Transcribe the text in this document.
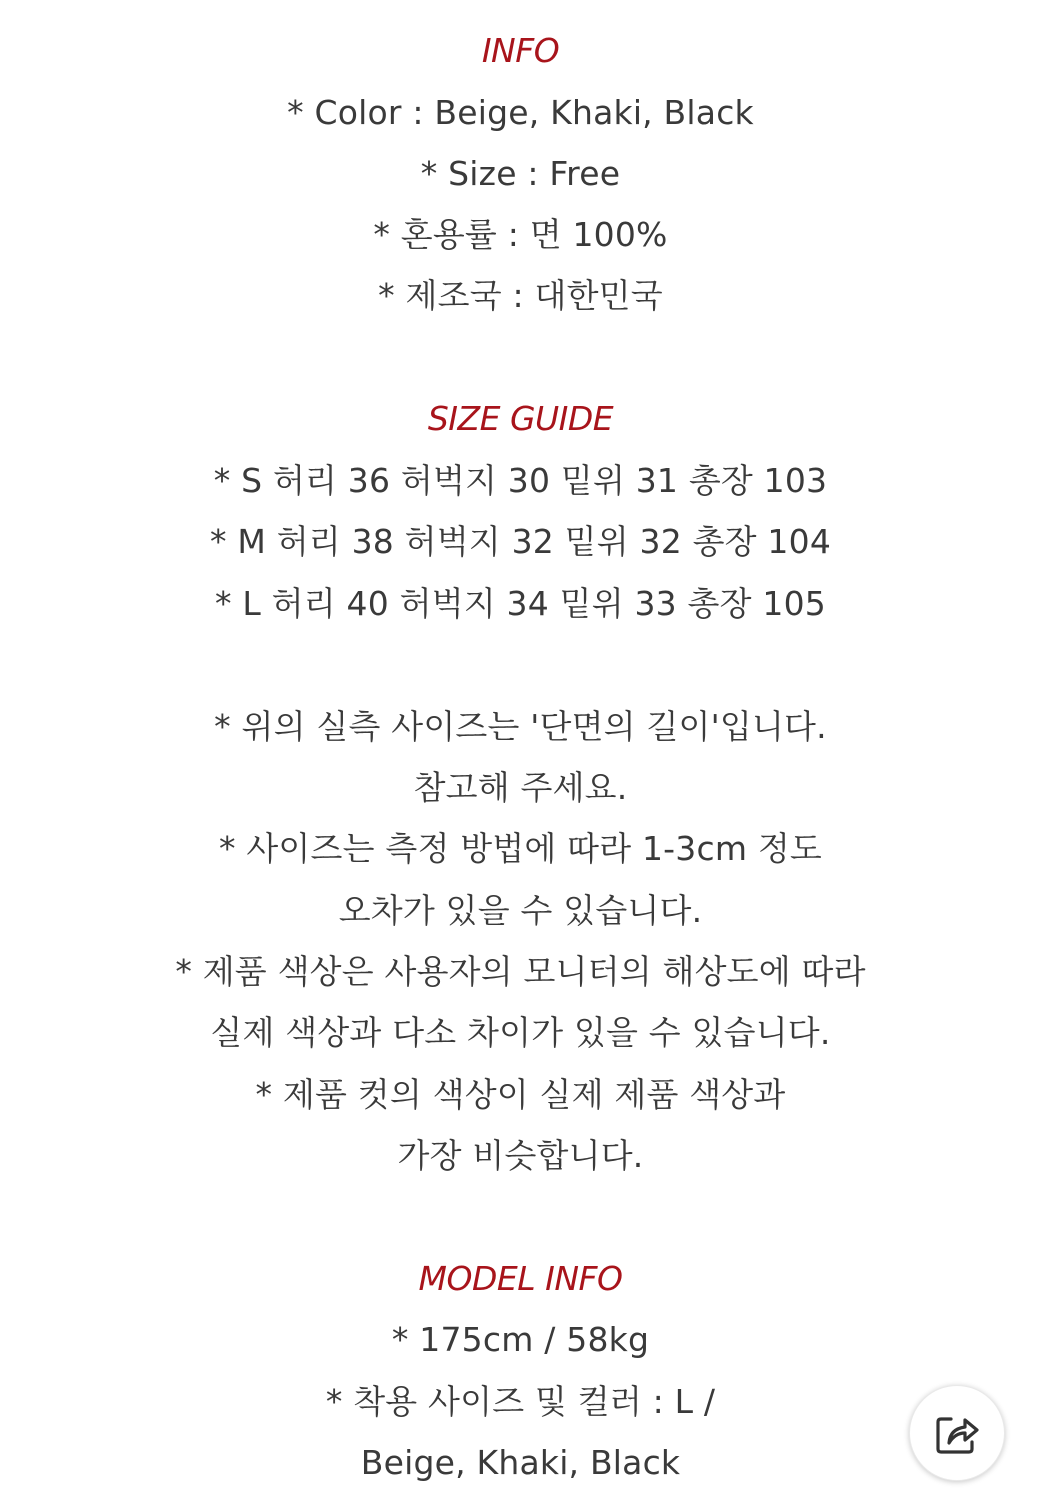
INFO
* Color : Beige, Khaki, Black
* Size : Free
* 혼용률 : 면 100%
* 제조국 : 대한민국
SIZE GUIDE
* S 허리 36 허벅지 30 밑위 31 총장 103
* M 허리 38 허벅지 32 밑위 32 총장 104
* L 허리 40 허벅지 34 밑위 33 총장 105
* 위의 실측 사이즈는 '단면의 길이'입니다.
참고해 주세요.
* 사이즈는 측정 방법에 따라 1-3cm 정도
오차가 있을 수 있습니다.
* 제품 색상은 사용자의 모니터의 해상도에 따라
실제 색상과 다소 차이가 있을 수 있습니다.
* 제품 컷의 색상이 실제 제품 색상과
가장 비슷합니다.
MODEL INFO
* 175cm / 58kg
* 착용 사이즈 및 컬러 : L /
Beige, Khaki, Black
